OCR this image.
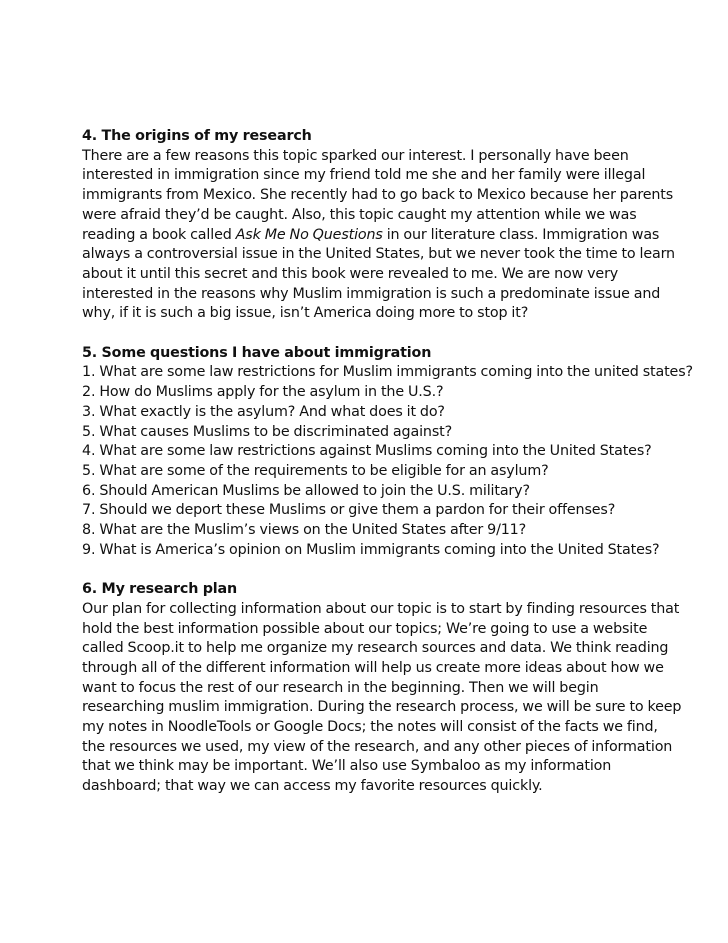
4. The origins of my research

There are a few reasons this topic sparked our interest. I personally have been interested in immigration since my friend told me she and her family were illegal immigrants from Mexico. She recently had to go back to Mexico because her parents were afraid they’d be caught. Also, this topic caught my attention while we was reading a book called Ask Me No Questions in our literature class. Immigration was always a controversial issue in the United States, but we never took the time to learn about it until this secret and this book were revealed to me. We are now very interested in the reasons why Muslim immigration is such a predominate issue and why, if it is such a big issue, isn’t America doing more to stop it?

5. Some questions I have about immigration

1. What are some law restrictions for Muslim immigrants coming into the united states?
2. How do Muslims apply for the asylum in the U.S.?
3. What exactly is the asylum? And what does it do?
5. What causes Muslims to be discriminated against?
4. What are some law restrictions against Muslims coming into the United States?
5. What are some of the requirements to be eligible for an asylum?
6. Should American Muslims be allowed to join the U.S. military?
7. Should we deport these Muslims or give them a pardon for their offenses?
8. What are the Muslim’s views on the United States after 9/11?
9. What is America’s opinion on Muslim immigrants coming into the United States?

6. My research plan

Our plan for collecting information about our topic is to start by finding resources that hold the best information possible about our topics; We’re going to use a website called Scoop.it to help me organize my research sources and data. We think reading through all of the different information will help us create more ideas about how we want to focus the rest of our research in the beginning. Then we will begin researching muslim immigration. During the research process, we will be sure to keep my notes in NoodleTools or Google Docs; the notes will consist of the facts we find, the resources we used, my view of the research, and any other pieces of information that we think may be important. We’ll also use Symbaloo as my information dashboard; that way we can access my favorite resources quickly.
